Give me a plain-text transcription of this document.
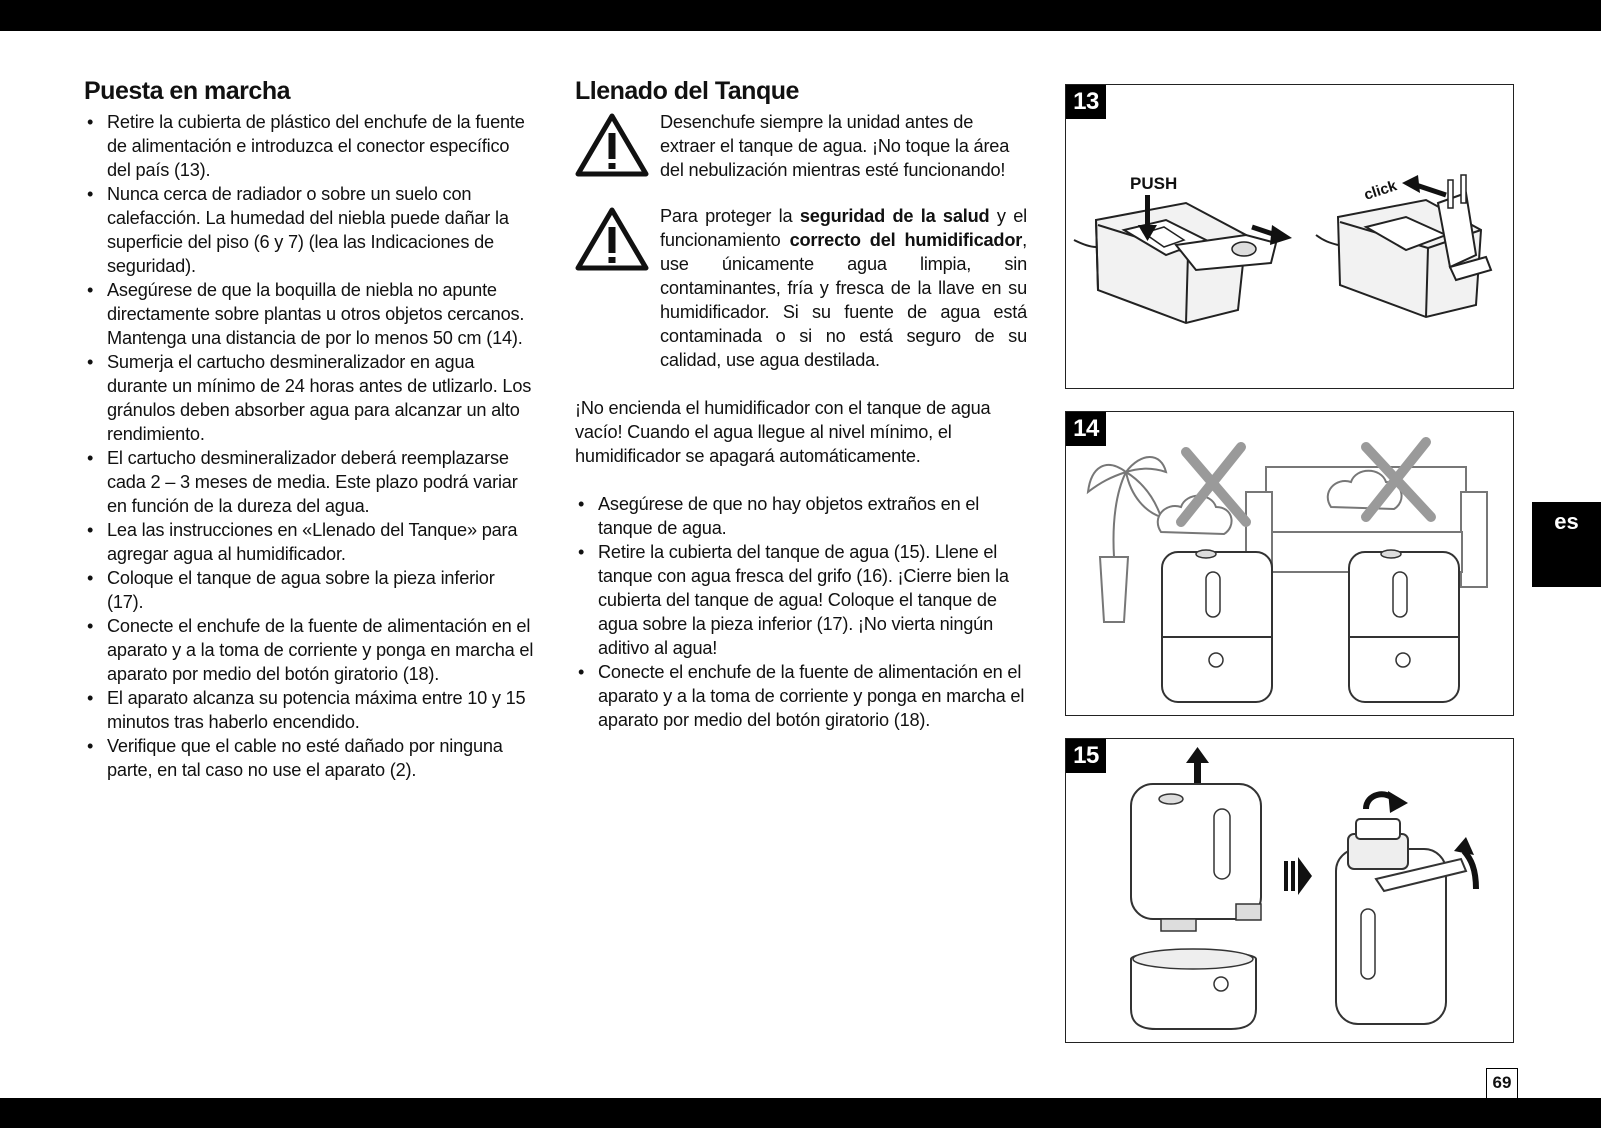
Puesta en marcha
• Retire la cubierta de plástico del enchufe de la fuente de alimentación e introduzca el conector específico del país (13).
• Nunca cerca de radiador o sobre un suelo con calefacción. La humedad del niebla puede dañar la superficie del piso (6 y 7) (lea las Indicaciones de seguridad).
• Asegúrese de que la boquilla de niebla no apunte directamente sobre plantas u otros objetos cercanos. Mantenga una distancia de por lo menos 50 cm (14).
• Sumerja el cartucho desmineralizador en agua durante un mínimo de 24 horas antes de utlizarlo. Los gránulos deben absorber agua para alcanzar un alto rendimiento.
• El cartucho desmineralizador deberá reemplazarse cada 2 – 3 meses de media. Este plazo podrá variar en función de la dureza del agua.
• Lea las instrucciones en «Llenado del Tanque» para agregar agua al humidificador.
• Coloque el tanque de agua sobre la pieza inferior (17).
• Conecte el enchufe de la fuente de alimentación en el aparato y a la toma de corriente y ponga en marcha el aparato por medio del botón giratorio (18).
• El aparato alcanza su potencia máxima entre 10 y 15 minutos tras haberlo encendido.
• Verifique que el cable no esté dañado por ninguna parte, en tal caso no use el aparato (2).
Llenado del Tanque
Desenchufe siempre la unidad antes de extraer el tanque de agua. ¡No toque la área del nebulización mientras esté funcionando!
Para proteger la seguridad de la salud y el funcionamiento correcto del humidificador, use únicamente agua limpia, sin contaminantes, fría y fresca de la llave en su humidificador. Si su fuente de agua está contaminada o si no está seguro de su calidad, use agua destilada.

¡No encienda el humidificador con el tanque de agua vacío! Cuando el agua llegue al nivel mínimo, el humidificador se apagará automáticamente.

• Asegúrese de que no hay objetos extraños en el tanque de agua.
• Retire la cubierta del tanque de agua (15). Llene el tanque con agua fresca del grifo (16). ¡Cierre bien la cubierta del tanque de agua! Coloque el tanque de agua sobre la pieza inferior (17). ¡No vierta ningún aditivo al agua!
• Conecte el enchufe de la fuente de alimentación en el aparato y a la toma de corriente y ponga en marcha el aparato por medio del botón giratorio (18).
PUSH	click
13
14
15
es
69
